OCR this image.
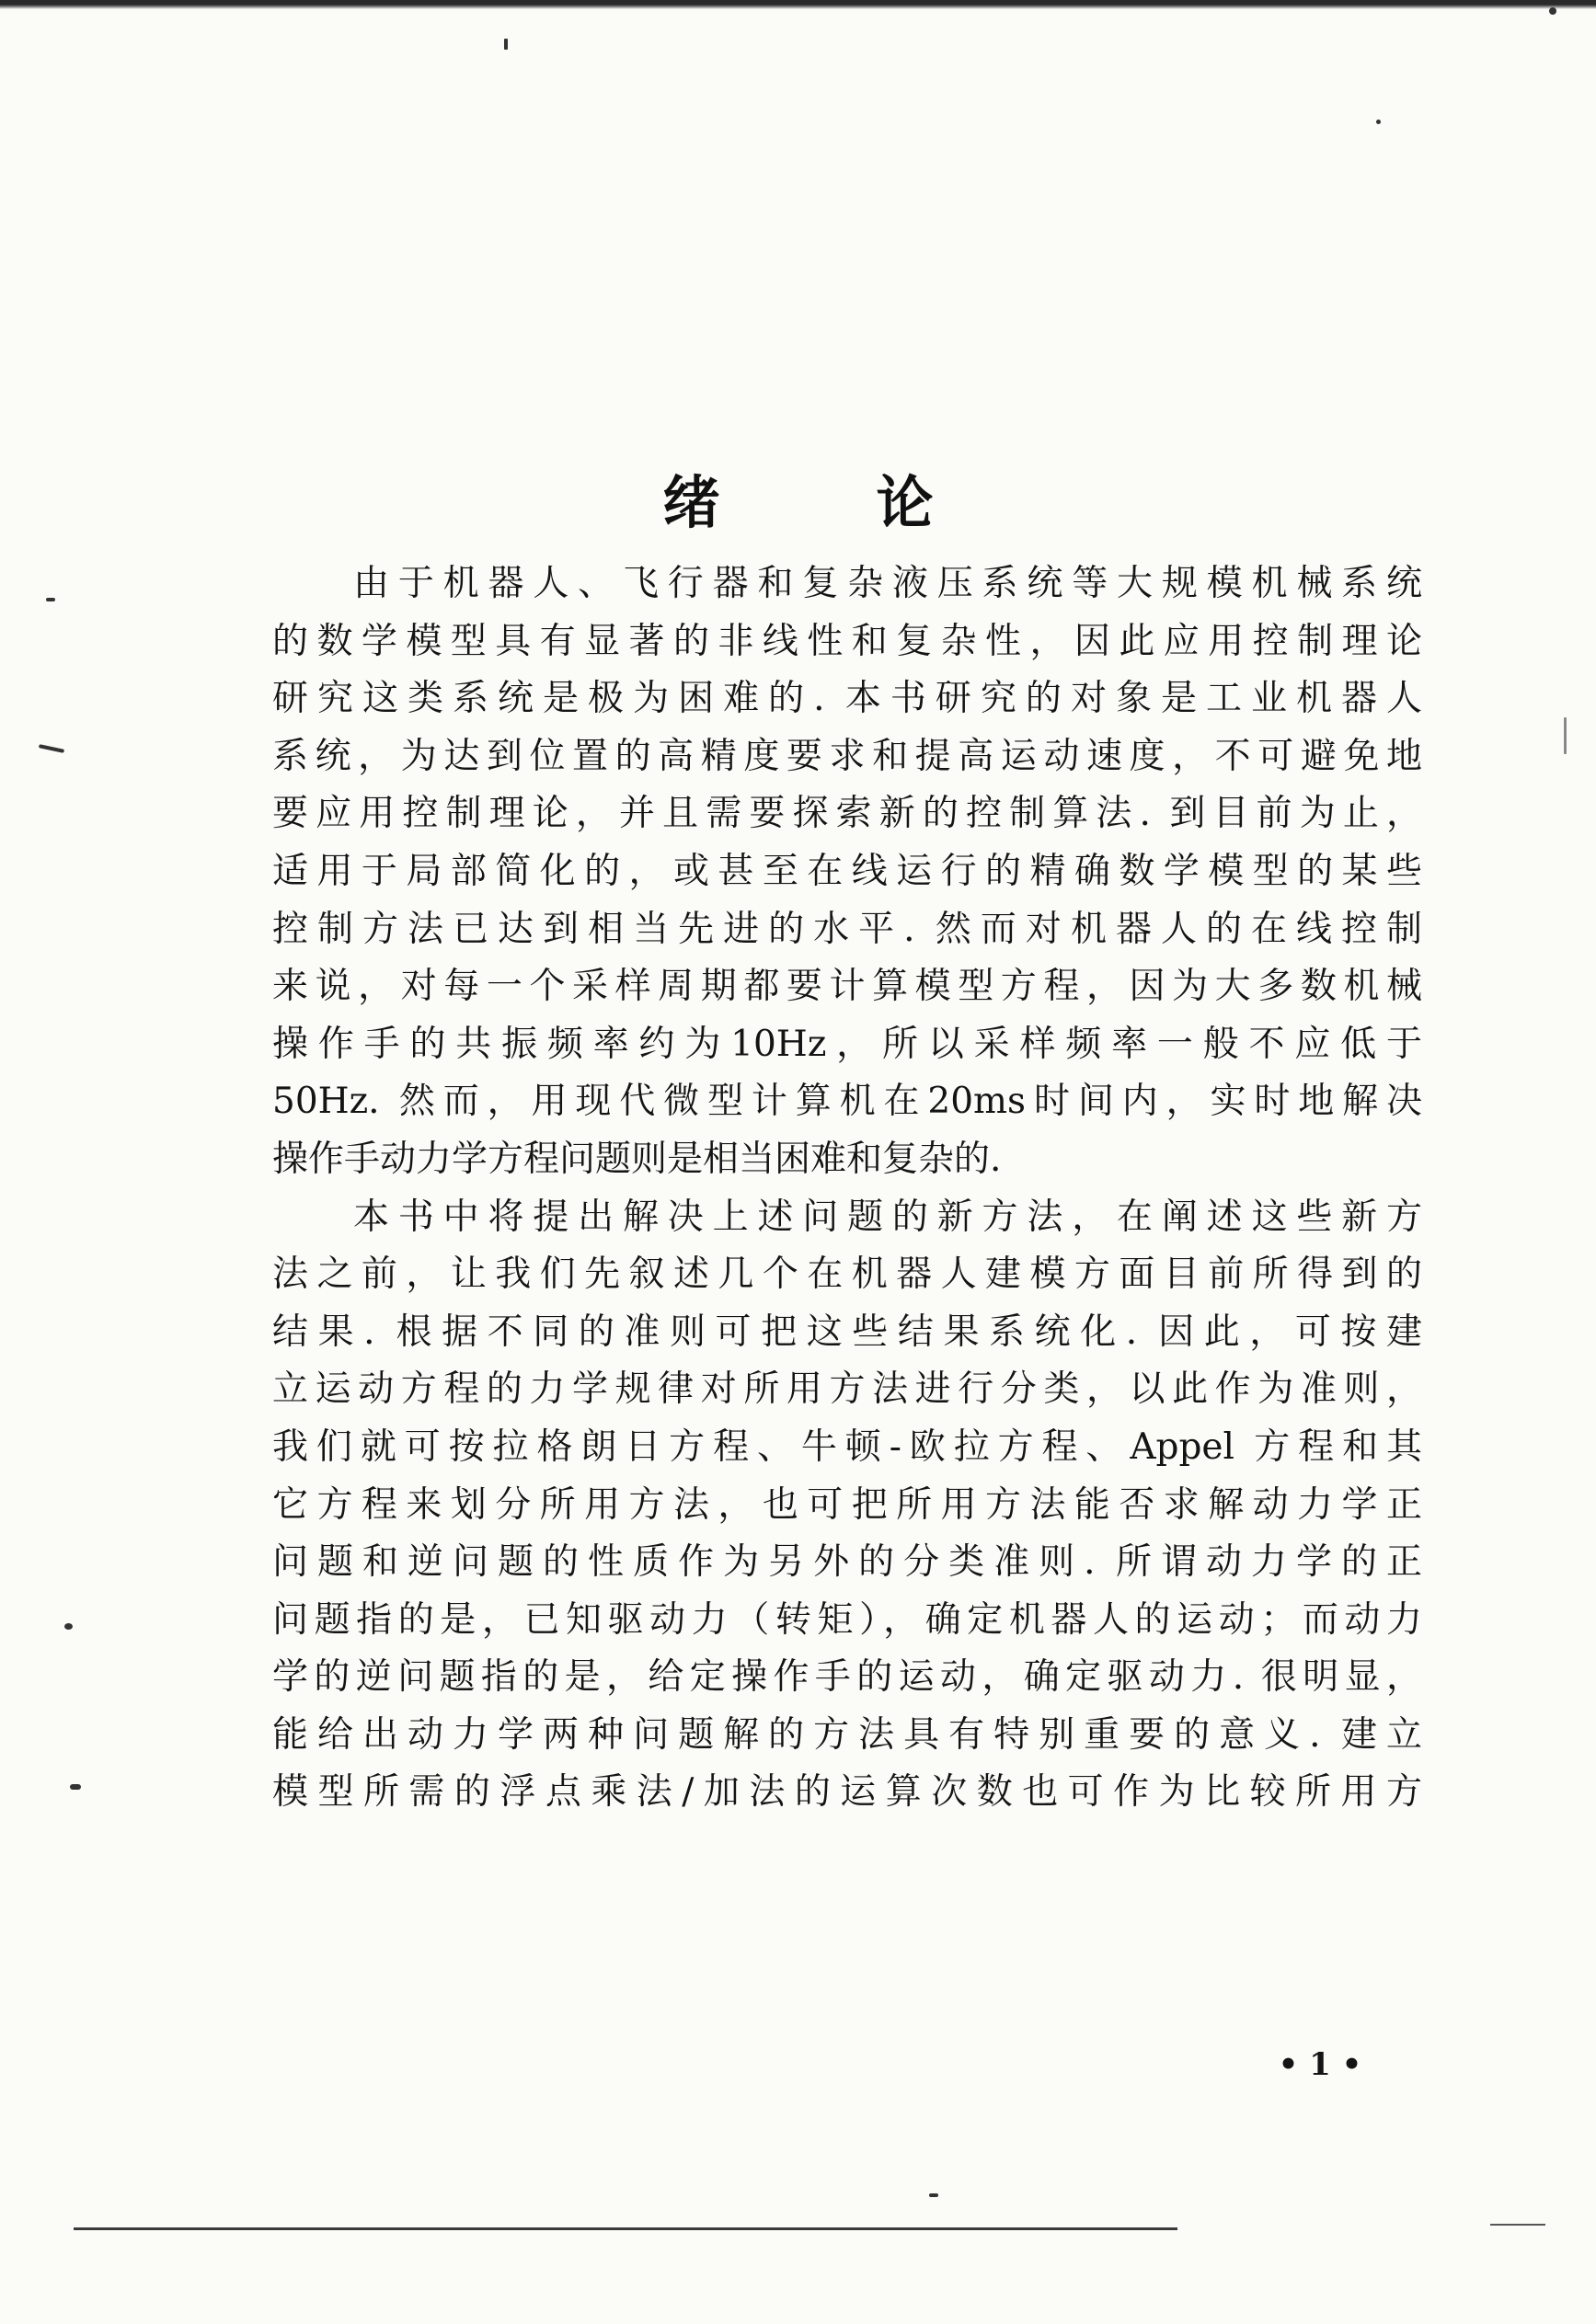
绪论
由于机器人、飞行器和复杂液压系统等大规模机械系统
的数学模型具有显著的非线性和复杂性，因此应用控制理论
研究这类系统是极为困难的. 本书研究的对象是工业机器人
系统，为达到位置的高精度要求和提高运动速度，不可避免地
要应用控制理论，并且需要探索新的控制算法. 到目前为止，
适用于局部简化的，或甚至在线运行的精确数学模型的某些
控制方法已达到相当先进的水平. 然而对机器人的在线控制
来说，对每一个采样周期都要计算模型方程，因为大多数机械
操作手的共振频率约为10Hz，所以采样频率一般不应低于
50Hz. 然而，用现代微型计算机在20ms时间内，实时地解决
操作手动力学方程问题则是相当困难和复杂的.
本书中将提出解决上述问题的新方法，在阐述这些新方
法之前，让我们先叙述几个在机器人建模方面目前所得到的
结果. 根据不同的准则可把这些结果系统化. 因此，可按建
立运动方程的力学规律对所用方法进行分类，以此作为准则，
我们就可按拉格朗日方程、牛顿-欧拉方程、Appel 方程和其
它方程来划分所用方法，也可把所用方法能否求解动力学正
问题和逆问题的性质作为另外的分类准则. 所谓动力学的正
问题指的是，已知驱动力（转矩），确定机器人的运动；而动力
学的逆问题指的是，给定操作手的运动，确定驱动力. 很明显，
能给出动力学两种问题解的方法具有特别重要的意义. 建立
模型所需的浮点乘法/加法的运算次数也可作为比较所用方
• 1 •
